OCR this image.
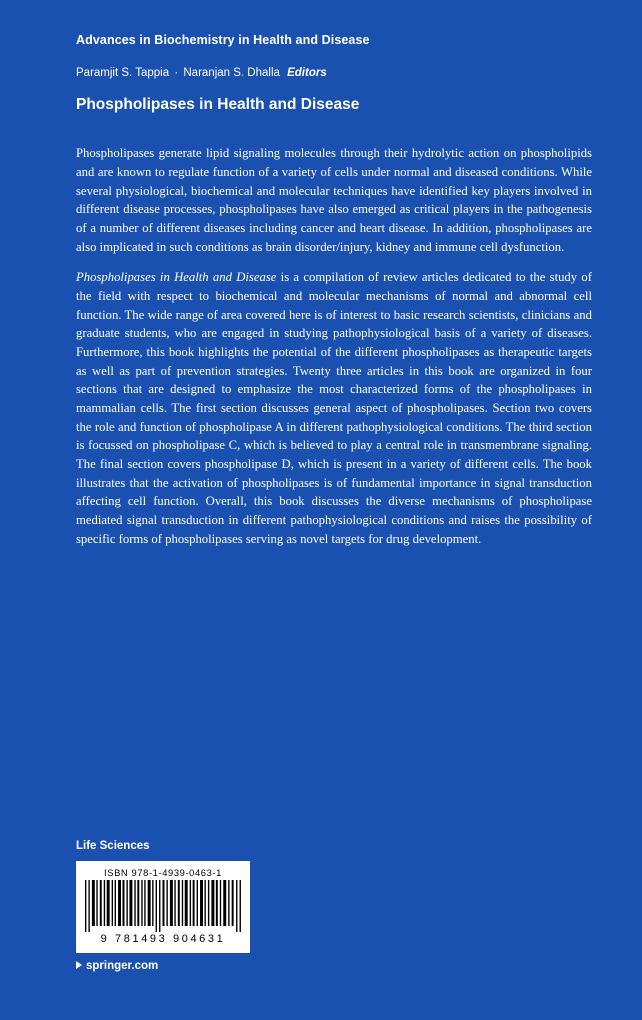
Advances in Biochemistry in Health and Disease
Paramjit S. Tappia · Naranjan S. Dhalla Editors
Phospholipases in Health and Disease

Phospholipases generate lipid signaling molecules through their hydrolytic action on phospholipids and are known to regulate function of a variety of cells under normal and diseased conditions. While several physiological, biochemical and molecular techniques have identified key players involved in different disease processes, phospholipases have also emerged as critical players in the pathogenesis of a number of different diseases including cancer and heart disease. In addition, phospholipases are also implicated in such conditions as brain disorder/injury, kidney and immune cell dysfunction.

Phospholipases in Health and Disease is a compilation of review articles dedicated to the study of the field with respect to biochemical and molecular mechanisms of normal and abnormal cell function. The wide range of area covered here is of interest to basic research scientists, clinicians and graduate students, who are engaged in studying pathophysiological basis of a variety of diseases. Furthermore, this book highlights the potential of the different phospholipases as therapeutic targets as well as part of prevention strategies. Twenty three articles in this book are organized in four sections that are designed to emphasize the most characterized forms of the phospholipases in mammalian cells. The first section discusses general aspect of phospholipases. Section two covers the role and function of phospholipase A in different pathophysiological conditions. The third section is focussed on phospholipase C, which is believed to play a central role in transmembrane signaling. The final section covers phospholipase D, which is present in a variety of different cells. The book illustrates that the activation of phospholipases is of fundamental importance in signal transduction affecting cell function. Overall, this book discusses the diverse mechanisms of phospholipase mediated signal transduction in different pathophysiological conditions and raises the possibility of specific forms of phospholipases serving as novel targets for drug development.

Life Sciences
ISBN 978-1-4939-0463-1
9 781493 904631
springer.com
